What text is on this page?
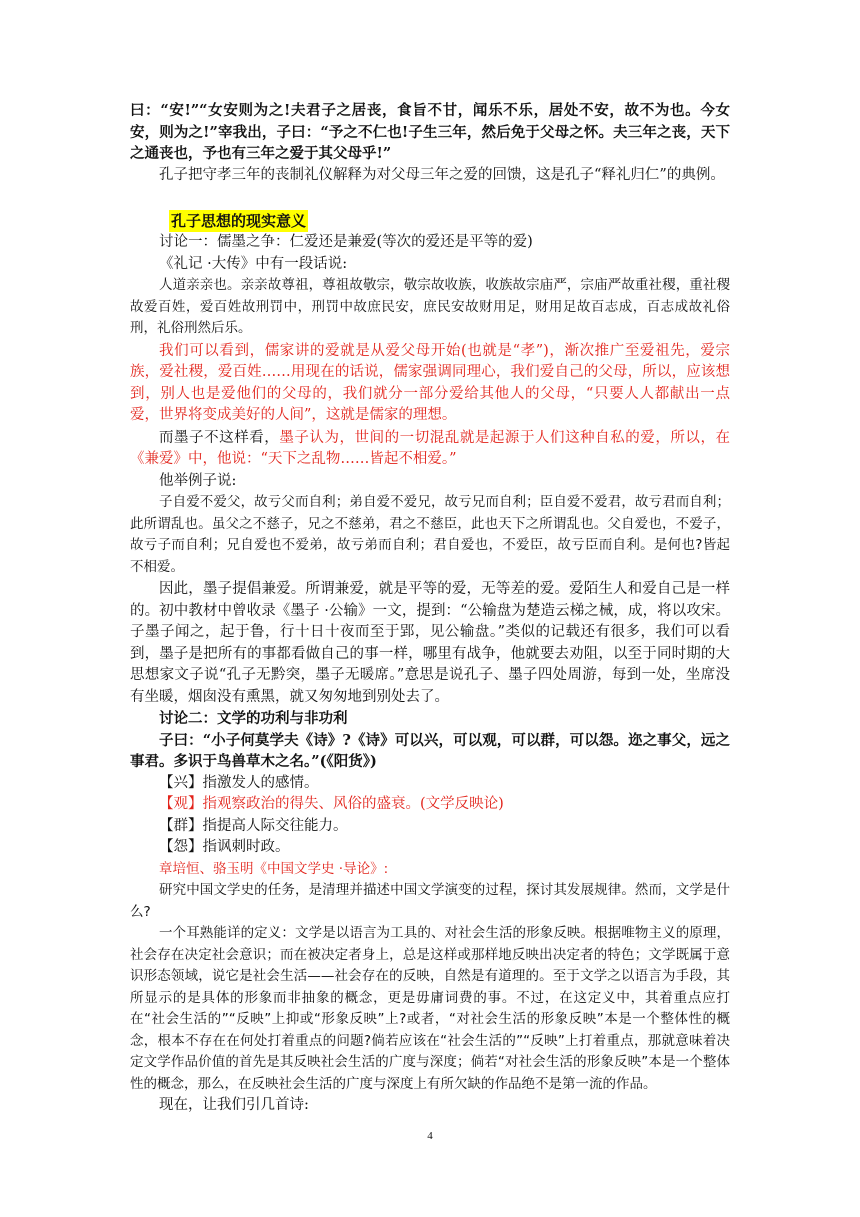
曰：“安!”“女安则为之!夫君子之居丧，食旨不甘，闻乐不乐，居处不安，故不为也。今女安，则为之!”宰我出，子曰：“予之不仁也!子生三年，然后免于父母之怀。夫三年之丧，天下之通丧也，予也有三年之爱于其父母乎!”

孔子把守孝三年的丧制礼仪解释为对父母三年之爱的回馈，这是孔子“释礼归仁”的典例。

孔子思想的现实意义

讨论一：儒墨之争：仁爱还是兼爱(等次的爱还是平等的爱)

《礼记 ·大传》中有一段话说:

人道亲亲也。亲亲故尊祖，尊祖故敬宗，敬宗故收族，收族故宗庙严，宗庙严故重社稷，重社稷故爱百姓，爱百姓故刑罚中，刑罚中故庶民安，庶民安故财用足，财用足故百志成，百志成故礼俗刑，礼俗刑然后乐。

我们可以看到，儒家讲的爱就是从爱父母开始(也就是“孝”)，渐次推广至爱祖先，爱宗族，爱社稷，爱百姓……用现在的话说，儒家强调同理心，我们爱自己的父母，所以，应该想到，别人也是爱他们的父母的，我们就分一部分爱给其他人的父母，“只要人人都献出一点爱，世界将变成美好的人间”，这就是儒家的理想。

而墨子不这样看，墨子认为，世间的一切混乱就是起源于人们这种自私的爱，所以，在《兼爱》中，他说：“天下之乱物……皆起不相爱。”

他举例子说:

子自爱不爱父，故亏父而自利；弟自爱不爱兄，故亏兄而自利；臣自爱不爱君，故亏君而自利；此所谓乱也。虽父之不慈子，兄之不慈弟，君之不慈臣，此也天下之所谓乱也。父自爱也，不爱子，故亏子而自利；兄自爱也不爱弟，故亏弟而自利；君自爱也，不爱臣，故亏臣而自利。是何也?皆起不相爱。

因此，墨子提倡兼爱。所谓兼爱，就是平等的爱，无等差的爱。爱陌生人和爱自己是一样的。初中教材中曾收录《墨子 ·公输》一文，提到：“公输盘为楚造云梯之械，成，将以攻宋。子墨子闻之，起于鲁，行十日十夜而至于郢，见公输盘。”类似的记载还有很多，我们可以看到，墨子是把所有的事都看做自己的事一样，哪里有战争，他就要去劝阻，以至于同时期的大思想家文子说“孔子无黔突，墨子无暖席。”意思是说孔子、墨子四处周游，每到一处，坐席没有坐暖，烟囱没有熏黑，就又匆匆地到别处去了。

讨论二：文学的功利与非功利

子曰：“小子何莫学夫《诗》?《诗》可以兴，可以观，可以群，可以怨。迩之事父，远之事君。多识于鸟兽草木之名。”(《阳货》)

【兴】指激发人的感情。

【观】指观察政治的得失、风俗的盛衰。(文学反映论)

【群】指提高人际交往能力。

【怨】指讽刺时政。

章培恒、骆玉明《中国文学史 ·导论》:

研究中国文学史的任务，是清理并描述中国文学演变的过程，探讨其发展规律。然而，文学是什么?

一个耳熟能详的定义：文学是以语言为工具的、对社会生活的形象反映。根据唯物主义的原理，社会存在决定社会意识；而在被决定者身上，总是这样或那样地反映出决定者的特色；文学既属于意识形态领域，说它是社会生活——社会存在的反映，自然是有道理的。至于文学之以语言为手段，其所显示的是具体的形象而非抽象的概念，更是毋庸词费的事。不过，在这定义中，其着重点应打在“社会生活的”“反映”上抑或“形象反映”上?或者，“对社会生活的形象反映”本是一个整体性的概念，根本不存在在何处打着重点的问题?倘若应该在“社会生活的”“反映”上打着重点，那就意味着决定文学作品价值的首先是其反映社会生活的广度与深度；倘若“对社会生活的形象反映”本是一个整体性的概念，那么，在反映社会生活的广度与深度上有所欠缺的作品绝不是第一流的作品。

现在，让我们引几首诗:

4
